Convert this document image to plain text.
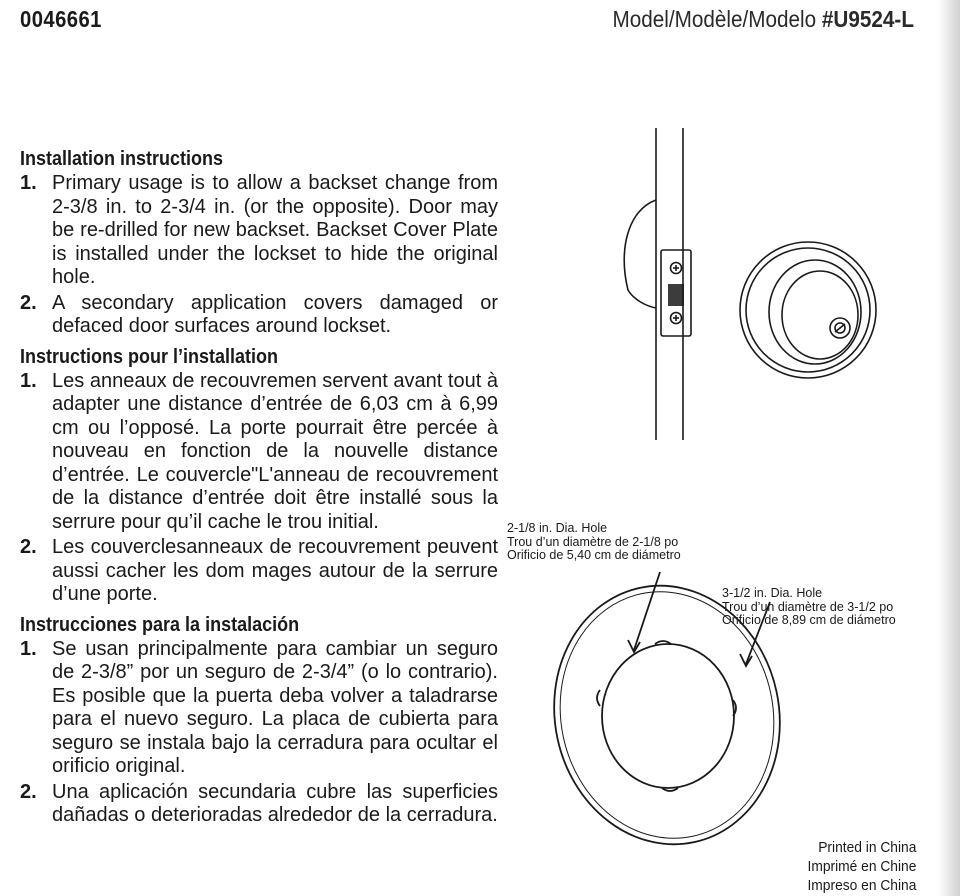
0046661	Model/Modèle/Modelo #U9524-L
Installation instructions
1. Primary usage is to allow a backset change from 2-3/8 in. to 2-3/4 in. (or the opposite). Door may be re-drilled for new backset. Backset Cover Plate is installed under the lockset to hide the original hole.

2. A secondary application covers damaged or defaced door surfaces around lockset.

Instructions pour l’installation
1. Les anneaux de recouvremen servent avant tout à adapter une distance d’entrée de 6,03 cm à 6,99 cm ou l’opposé. La porte pourrait être percée à nouveau en fonction de la nouvelle distance d’entrée. Le couvercle"L'anneau de recouvrement de la distance d’entrée doit être installé sous la serrure pour qu’il cache le trou initial.

2. Les couverclesanneaux de recouvrement peuvent aussi cacher les dom mages autour de la serrure d’une porte.

Instrucciones para la instalación
1. Se usan principalmente para cambiar un seguro de 2-3/8” por un seguro de 2-3/4” (o lo contrario). Es posible que la puerta deba volver a taladrarse para el nuevo seguro. La placa de cubierta para seguro se instala bajo la cerradura para ocultar el orificio original.

2. Una aplicación secundaria cubre las superficies dañadas o deterioradas alrededor de la cerradura.

2-1/8 in. Dia. Hole
Trou d’un diamètre de 2-1/8 po
Orificio de 5,40 cm de diámetro
3-1/2 in. Dia. Hole
Trou d’un diamètre de 3-1/2 po
Orificio de 8,89 cm de diámetro
Printed in China
Imprimé en Chine
Impreso en China
